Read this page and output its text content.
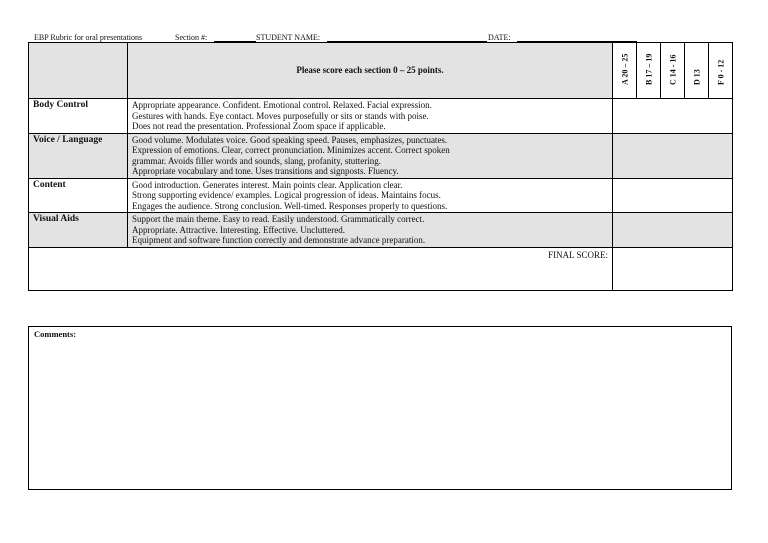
EBP Rubric for oral presentations	Section #:	STUDENT NAME:	DATE:
	Please score each section 0 – 25 points.	A 20 – 25 B 17 – 19 C 14 - 16 D 13 F 0 - 12

Body Control	Appropriate appearance. Confident. Emotional control. Relaxed. Facial expression.
Gestures with hands. Eye contact. Moves purposefully or sits or stands with poise.
Does not read the presentation. Professional Zoom space if applicable.	

Voice / Language	Good volume. Modulates voice. Good speaking speed. Pauses, emphasizes, punctuates.
Expression of emotions. Clear, correct pronunciation. Minimizes accent. Correct spoken
grammar. Avoids filler words and sounds, slang, profanity, stuttering.
Appropriate vocabulary and tone. Uses transitions and signposts. Fluency.	

Content	Good introduction. Generates interest. Main points clear. Application clear.
Strong supporting evidence/ examples. Logical progression of ideas. Maintains focus.
Engages the audience. Strong conclusion. Well-timed. Responses properly to questions.	

Visual Aids	Support the main theme. Easy to read. Easily understood. Grammatically correct.
Appropriate. Attractive. Interesting. Effective. Uncluttered.
Equipment and software function correctly and demonstrate advance preparation.	

FINAL SCORE:		
Comments:
